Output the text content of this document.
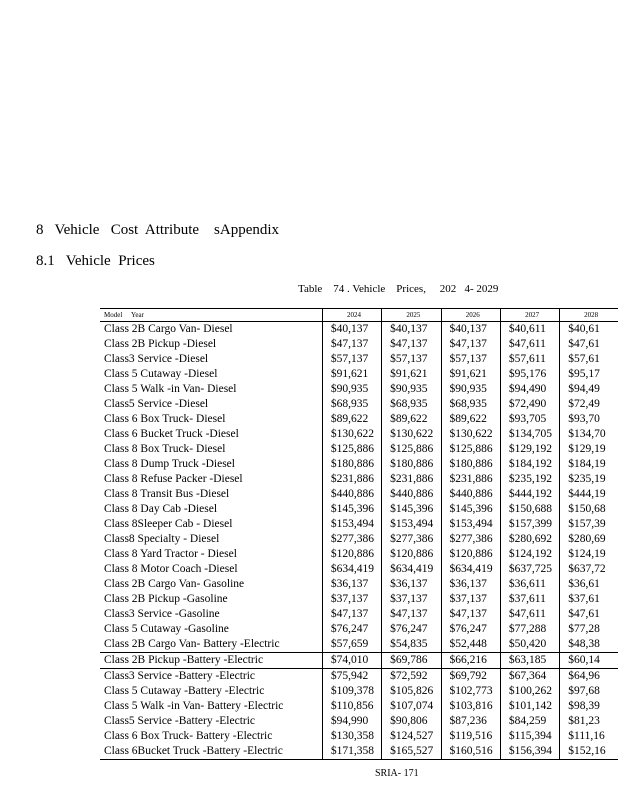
8   Vehicle   Cost  Attribute    sAppendix
8.1   Vehicle  Prices
Table    74 . Vehicle    Prices,     202   4- 2029
Model Year	2024	2025	2026	2027	2028
Class 2B Cargo Van- Diesel	$40,137	$40,137	$40,137	$40,611	$40,61
Class 2B Pickup -Diesel	$47,137	$47,137	$47,137	$47,611	$47,61
Class3 Service -Diesel	$57,137	$57,137	$57,137	$57,611	$57,61
Class 5 Cutaway -Diesel	$91,621	$91,621	$91,621	$95,176	$95,17
Class 5 Walk -in Van- Diesel	$90,935	$90,935	$90,935	$94,490	$94,49
Class5 Service -Diesel	$68,935	$68,935	$68,935	$72,490	$72,49
Class 6 Box Truck- Diesel	$89,622	$89,622	$89,622	$93,705	$93,70
Class 6 Bucket Truck -Diesel	$130,622	$130,622	$130,622	$134,705	$134,70
Class 8 Box Truck- Diesel	$125,886	$125,886	$125,886	$129,192	$129,19
Class 8 Dump Truck -Diesel	$180,886	$180,886	$180,886	$184,192	$184,19
Class 8 Refuse Packer -Diesel	$231,886	$231,886	$231,886	$235,192	$235,19
Class 8 Transit Bus -Diesel	$440,886	$440,886	$440,886	$444,192	$444,19
Class 8 Day Cab -Diesel	$145,396	$145,396	$145,396	$150,688	$150,68
Class 8Sleeper Cab - Diesel	$153,494	$153,494	$153,494	$157,399	$157,39
Class8 Specialty - Diesel	$277,386	$277,386	$277,386	$280,692	$280,69
Class 8 Yard Tractor - Diesel	$120,886	$120,886	$120,886	$124,192	$124,19
Class 8 Motor Coach -Diesel	$634,419	$634,419	$634,419	$637,725	$637,72
Class 2B Cargo Van- Gasoline	$36,137	$36,137	$36,137	$36,611	$36,61
Class 2B Pickup -Gasoline	$37,137	$37,137	$37,137	$37,611	$37,61
Class3 Service -Gasoline	$47,137	$47,137	$47,137	$47,611	$47,61
Class 5 Cutaway -Gasoline	$76,247	$76,247	$76,247	$77,288	$77,28
Class 2B Cargo Van- Battery -Electric	$57,659	$54,835	$52,448	$50,420	$48,38
Class 2B Pickup -Battery -Electric	$74,010	$69,786	$66,216	$63,185	$60,14
Class3 Service -Battery -Electric	$75,942	$72,592	$69,792	$67,364	$64,96
Class 5 Cutaway -Battery -Electric	$109,378	$105,826	$102,773	$100,262	$97,68
Class 5 Walk -in Van- Battery -Electric	$110,856	$107,074	$103,816	$101,142	$98,39
Class5 Service -Battery -Electric	$94,990	$90,806	$87,236	$84,259	$81,23
Class 6 Box Truck- Battery -Electric	$130,358	$124,527	$119,516	$115,394	$111,16
Class 6Bucket Truck -Battery -Electric	$171,358	$165,527	$160,516	$156,394	$152,16
SRIA- 171
